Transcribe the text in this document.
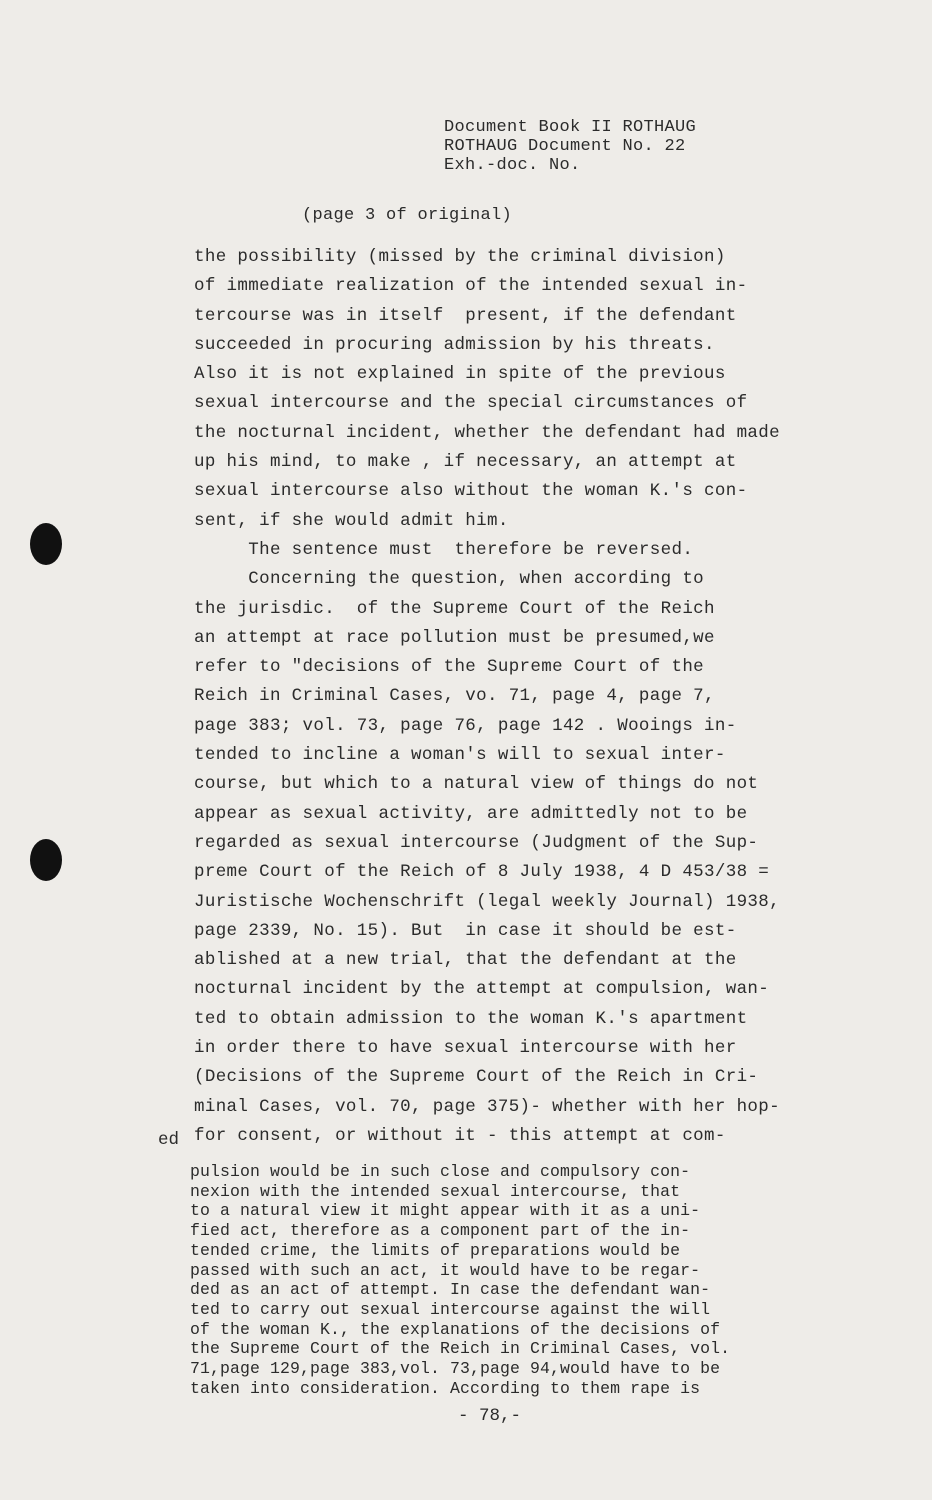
Document Book II ROTHAUG
ROTHAUG Document No. 22
Exh.-doc. No.
(page 3 of original)
the possibility (missed by the criminal division)
of immediate realization of the intended sexual in-
tercourse was in itself  present, if the defendant
succeeded in procuring admission by his threats.
Also it is not explained in spite of the previous
sexual intercourse and the special circumstances of
the nocturnal incident, whether the defendant had made
up his mind, to make , if necessary, an attempt at
sexual intercourse also without the woman K.'s con-
sent, if she would admit him.
The sentence must  therefore be reversed.
Concerning the question, when according to
the jurisdic.  of the Supreme Court of the Reich
an attempt at race pollution must be presumed,we
refer to "decisions of the Supreme Court of the
Reich in Criminal Cases, vo. 71, page 4, page 7,
page 383; vol. 73, page 76, page 142 . Wooings in-
tended to incline a woman's will to sexual inter-
course, but which to a natural view of things do not
appear as sexual activity, are admittedly not to be
regarded as sexual intercourse (Judgment of the Sup-
preme Court of the Reich of 8 July 1938, 4 D 453/38 =
Juristische Wochenschrift (legal weekly Journal) 1938,
page 2339, No. 15). But  in case it should be est-
ablished at a new trial, that the defendant at the
nocturnal incident by the attempt at compulsion, wan-
ted to obtain admission to the woman K.'s apartment
in order there to have sexual intercourse with her
(Decisions of the Supreme Court of the Reich in Cri-
minal Cases, vol. 70, page 375)- whether with her hop-
for consent, or without it - this attempt at com-
ed
pulsion would be in such close and compulsory con-
nexion with the intended sexual intercourse, that
to a natural view it might appear with it as a uni-
fied act, therefore as a component part of the in-
tended crime, the limits of preparations would be
passed with such an act, it would have to be regar-
ded as an act of attempt. In case the defendant wan-
ted to carry out sexual intercourse against the will
of the woman K., the explanations of the decisions of
the Supreme Court of the Reich in Criminal Cases, vol.
71,page 129,page 383,vol. 73,page 94,would have to be
taken into consideration. According to them rape is
- 78,-
